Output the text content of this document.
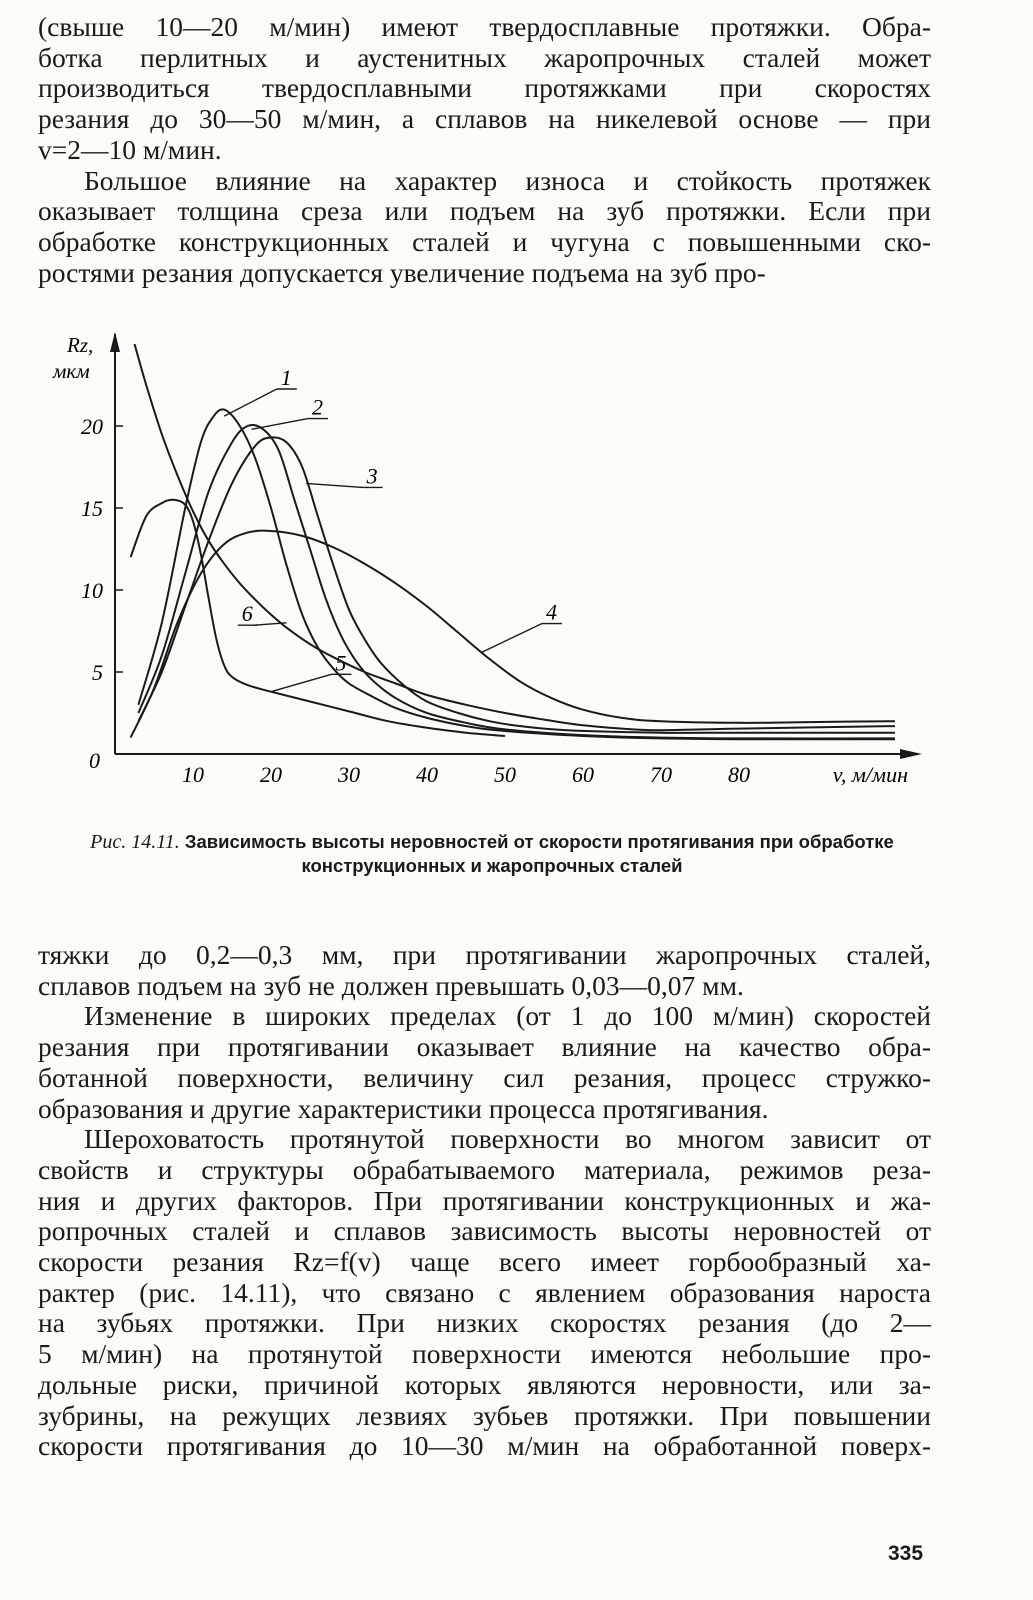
(свыше 10—20 м/мин) имеют твердосплавные протяжки. Обра-
ботка перлитных и аустенитных жаропрочных сталей может
производиться твердосплавными протяжками при скоростях
резания до 30—50 м/мин, а сплавов на никелевой основе — при
v=2—10 м/мин.
Большое влияние на характер износа и стойкость протяжек
оказывает толщина среза или подъем на зуб протяжки. Если при
обработке конструкционных сталей и чугуна с повышенными ско-
ростями резания допускается увеличение подъема на зуб про-
5
10
15
20
10	20	30	40	50	60	70	80
0
Rz,
мкм
v, м/мин
1
2
3
4
5
6
Рис. 14.11. Зависимость высоты неровностей от скорости протягивания при обработке конструкционных и жаропрочных сталей
тяжки до 0,2—0,3 мм, при протягивании жаропрочных сталей,
сплавов подъем на зуб не должен превышать 0,03—0,07 мм.
Изменение в широких пределах (от 1 до 100 м/мин) скоростей
резания при протягивании оказывает влияние на качество обра-
ботанной поверхности, величину сил резания, процесс стружко-
образования и другие характеристики процесса протягивания.
Шероховатость протянутой поверхности во многом зависит от
свойств и структуры обрабатываемого материала, режимов реза-
ния и других факторов. При протягивании конструкционных и жа-
ропрочных сталей и сплавов зависимость высоты неровностей от
скорости резания Rz=f(v) чаще всего имеет горбообразный ха-
рактер (рис. 14.11), что связано с явлением образования нароста
на зубьях протяжки. При низких скоростях резания (до 2—
5 м/мин) на протянутой поверхности имеются небольшие про-
дольные риски, причиной которых являются неровности, или за-
зубрины, на режущих лезвиях зубьев протяжки. При повышении
скорости протягивания до 10—30 м/мин на обработанной поверх-
335
